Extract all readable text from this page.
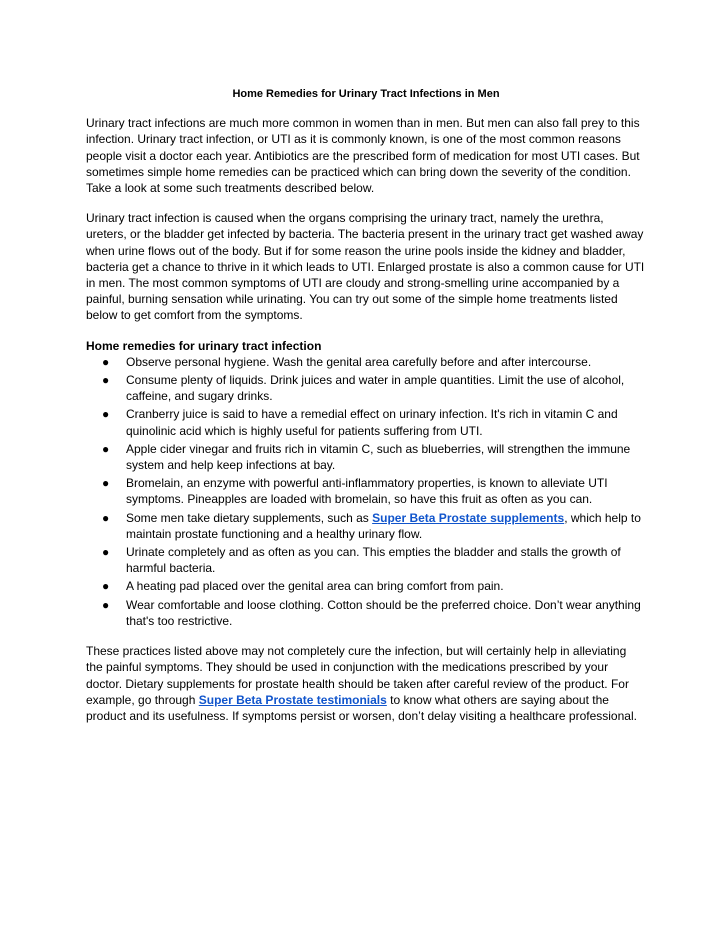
Home Remedies for Urinary Tract Infections in Men

Urinary tract infections are much more common in women than in men. But men can also fall prey to this infection. Urinary tract infection, or UTI as it is commonly known, is one of the most common reasons people visit a doctor each year. Antibiotics are the prescribed form of medication for most UTI cases. But sometimes simple home remedies can be practiced which can bring down the severity of the condition. Take a look at some such treatments described below.

Urinary tract infection is caused when the organs comprising the urinary tract, namely the urethra, ureters, or the bladder get infected by bacteria. The bacteria present in the urinary tract get washed away when urine flows out of the body. But if for some reason the urine pools inside the kidney and bladder, bacteria get a chance to thrive in it which leads to UTI. Enlarged prostate is also a common cause for UTI in men. The most common symptoms of UTI are cloudy and strong-smelling urine accompanied by a painful, burning sensation while urinating. You can try out some of the simple home treatments listed below to get comfort from the symptoms.

Home remedies for urinary tract infection
● Observe personal hygiene. Wash the genital area carefully before and after intercourse.
● Consume plenty of liquids. Drink juices and water in ample quantities. Limit the use of alcohol, caffeine, and sugary drinks.
● Cranberry juice is said to have a remedial effect on urinary infection. It's rich in vitamin C and quinolinic acid which is highly useful for patients suffering from UTI.
● Apple cider vinegar and fruits rich in vitamin C, such as blueberries, will strengthen the immune system and help keep infections at bay.
● Bromelain, an enzyme with powerful anti-inflammatory properties, is known to alleviate UTI symptoms. Pineapples are loaded with bromelain, so have this fruit as often as you can.
● Some men take dietary supplements, such as Super Beta Prostate supplements, which help to maintain prostate functioning and a healthy urinary flow.
● Urinate completely and as often as you can. This empties the bladder and stalls the growth of harmful bacteria.
● A heating pad placed over the genital area can bring comfort from pain.
● Wear comfortable and loose clothing. Cotton should be the preferred choice. Don’t wear anything that's too restrictive.

These practices listed above may not completely cure the infection, but will certainly help in alleviating the painful symptoms. They should be used in conjunction with the medications prescribed by your doctor. Dietary supplements for prostate health should be taken after careful review of the product. For example, go through Super Beta Prostate testimonials to know what others are saying about the product and its usefulness. If symptoms persist or worsen, don’t delay visiting a healthcare professional.
